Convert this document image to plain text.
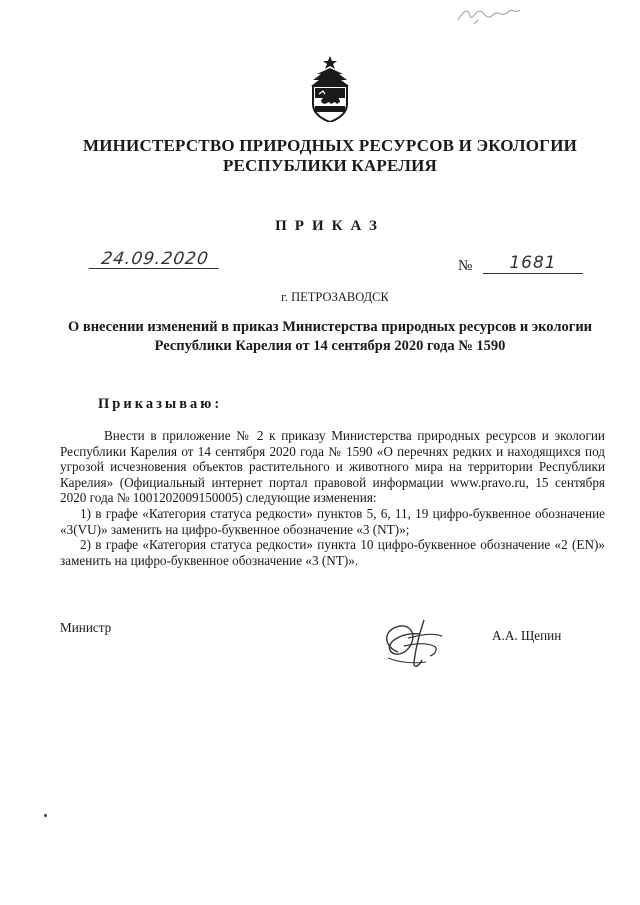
МИНИСТЕРСТВО ПРИРОДНЫХ РЕСУРСОВ И ЭКОЛОГИИ
РЕСПУБЛИКИ КАРЕЛИЯ
ПРИКАЗ
24.09.2020	№	1681
г. ПЕТРОЗАВОДСК
О внесении изменений в приказ Министерства природных ресурсов и экологии
Республики Карелия от 14 сентября 2020 года № 1590
Приказываю:

Внести в приложение № 2 к приказу Министерства природных ресурсов и экологии Республики Карелия от 14 сентября 2020 года № 1590 «О перечнях редких и находящихся под угрозой исчезновения объектов растительного и животного мира на территории Республики Карелия» (Официальный интернет портал правовой информации www.pravo.ru, 15 сентября 2020 года № 1001202009150005) следующие изменения:

1) в графе «Категория статуса редкости» пунктов 5, 6, 11, 19 цифро-буквенное обозначение «3(VU)» заменить на цифро-буквенное обозначение «3 (NT)»;

2) в графе «Категория статуса редкости» пункта 10 цифро-буквенное обозначение «2 (EN)» заменить на цифро-буквенное обозначение «3 (NT)».

Министр
А.А. Щепин
